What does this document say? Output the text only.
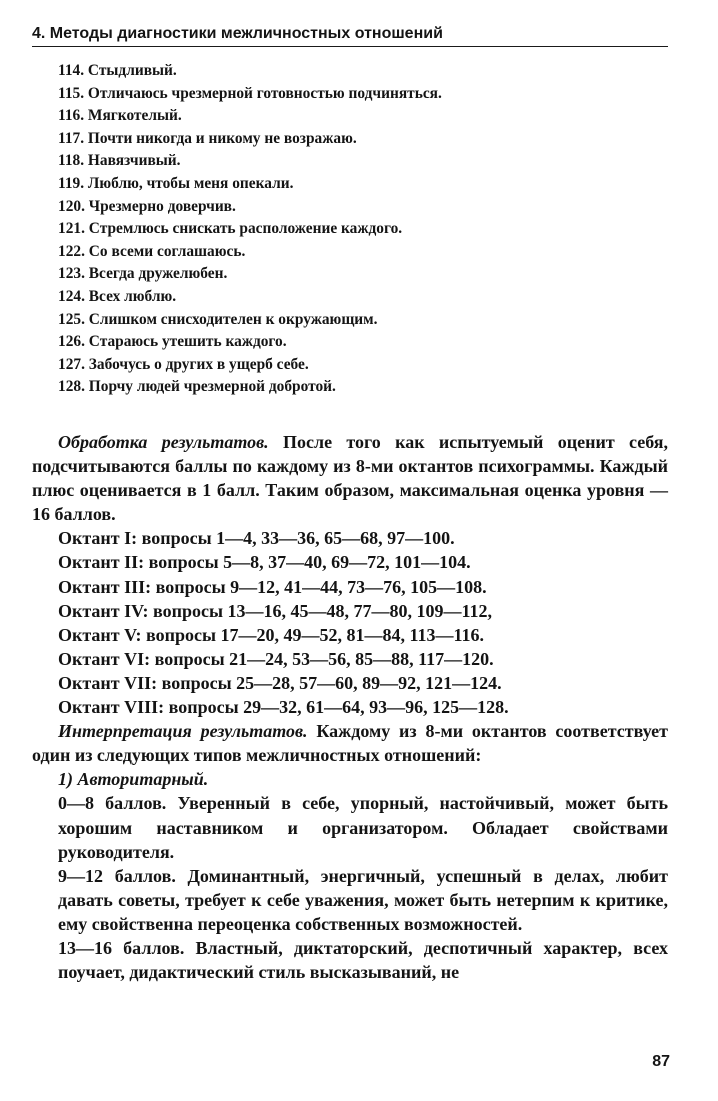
4. Методы диагностики межличностных отношений
114. Стыдливый.
115. Отличаюсь чрезмерной готовностью подчиняться.
116. Мягкотелый.
117. Почти никогда и никому не возражаю.
118. Навязчивый.
119. Люблю, чтобы меня опекали.
120. Чрезмерно доверчив.
121. Стремлюсь снискать расположение каждого.
122. Со всеми соглашаюсь.
123. Всегда дружелюбен.
124. Всех люблю.
125. Слишком снисходителен к окружающим.
126. Стараюсь утешить каждого.
127. Забочусь о других в ущерб себе.
128. Порчу людей чрезмерной добротой.

Обработка результатов. После того как испытуемый оценит себя, подсчитываются баллы по каждому из 8-ми октантов психограммы. Каждый плюс оценивается в 1 балл. Таким образом, максимальная оценка уровня — 16 баллов.

Октант I: вопросы 1—4, 33—36, 65—68, 97—100.
Октант II: вопросы 5—8, 37—40, 69—72, 101—104.
Октант III: вопросы 9—12, 41—44, 73—76, 105—108.
Октант IV: вопросы 13—16, 45—48, 77—80, 109—112,
Октант V: вопросы 17—20, 49—52, 81—84, 113—116.
Октант VI: вопросы 21—24, 53—56, 85—88, 117—120.
Октант VII: вопросы 25—28, 57—60, 89—92, 121—124.
Октант VIII: вопросы 29—32, 61—64, 93—96, 125—128.

Интерпретация результатов. Каждому из 8-ми октантов соответствует один из следующих типов межличностных отношений:

1) Авторитарный.

0—8 баллов. Уверенный в себе, упорный, настойчивый, может быть хорошим наставником и организатором. Обладает свойствами руководителя.

9—12 баллов. Доминантный, энергичный, успешный в делах, любит давать советы, требует к себе уважения, может быть нетерпим к критике, ему свойственна переоценка собственных возможностей.

13—16 баллов. Властный, диктаторский, деспотичный характер, всех поучает, дидактический стиль высказываний, не

87
